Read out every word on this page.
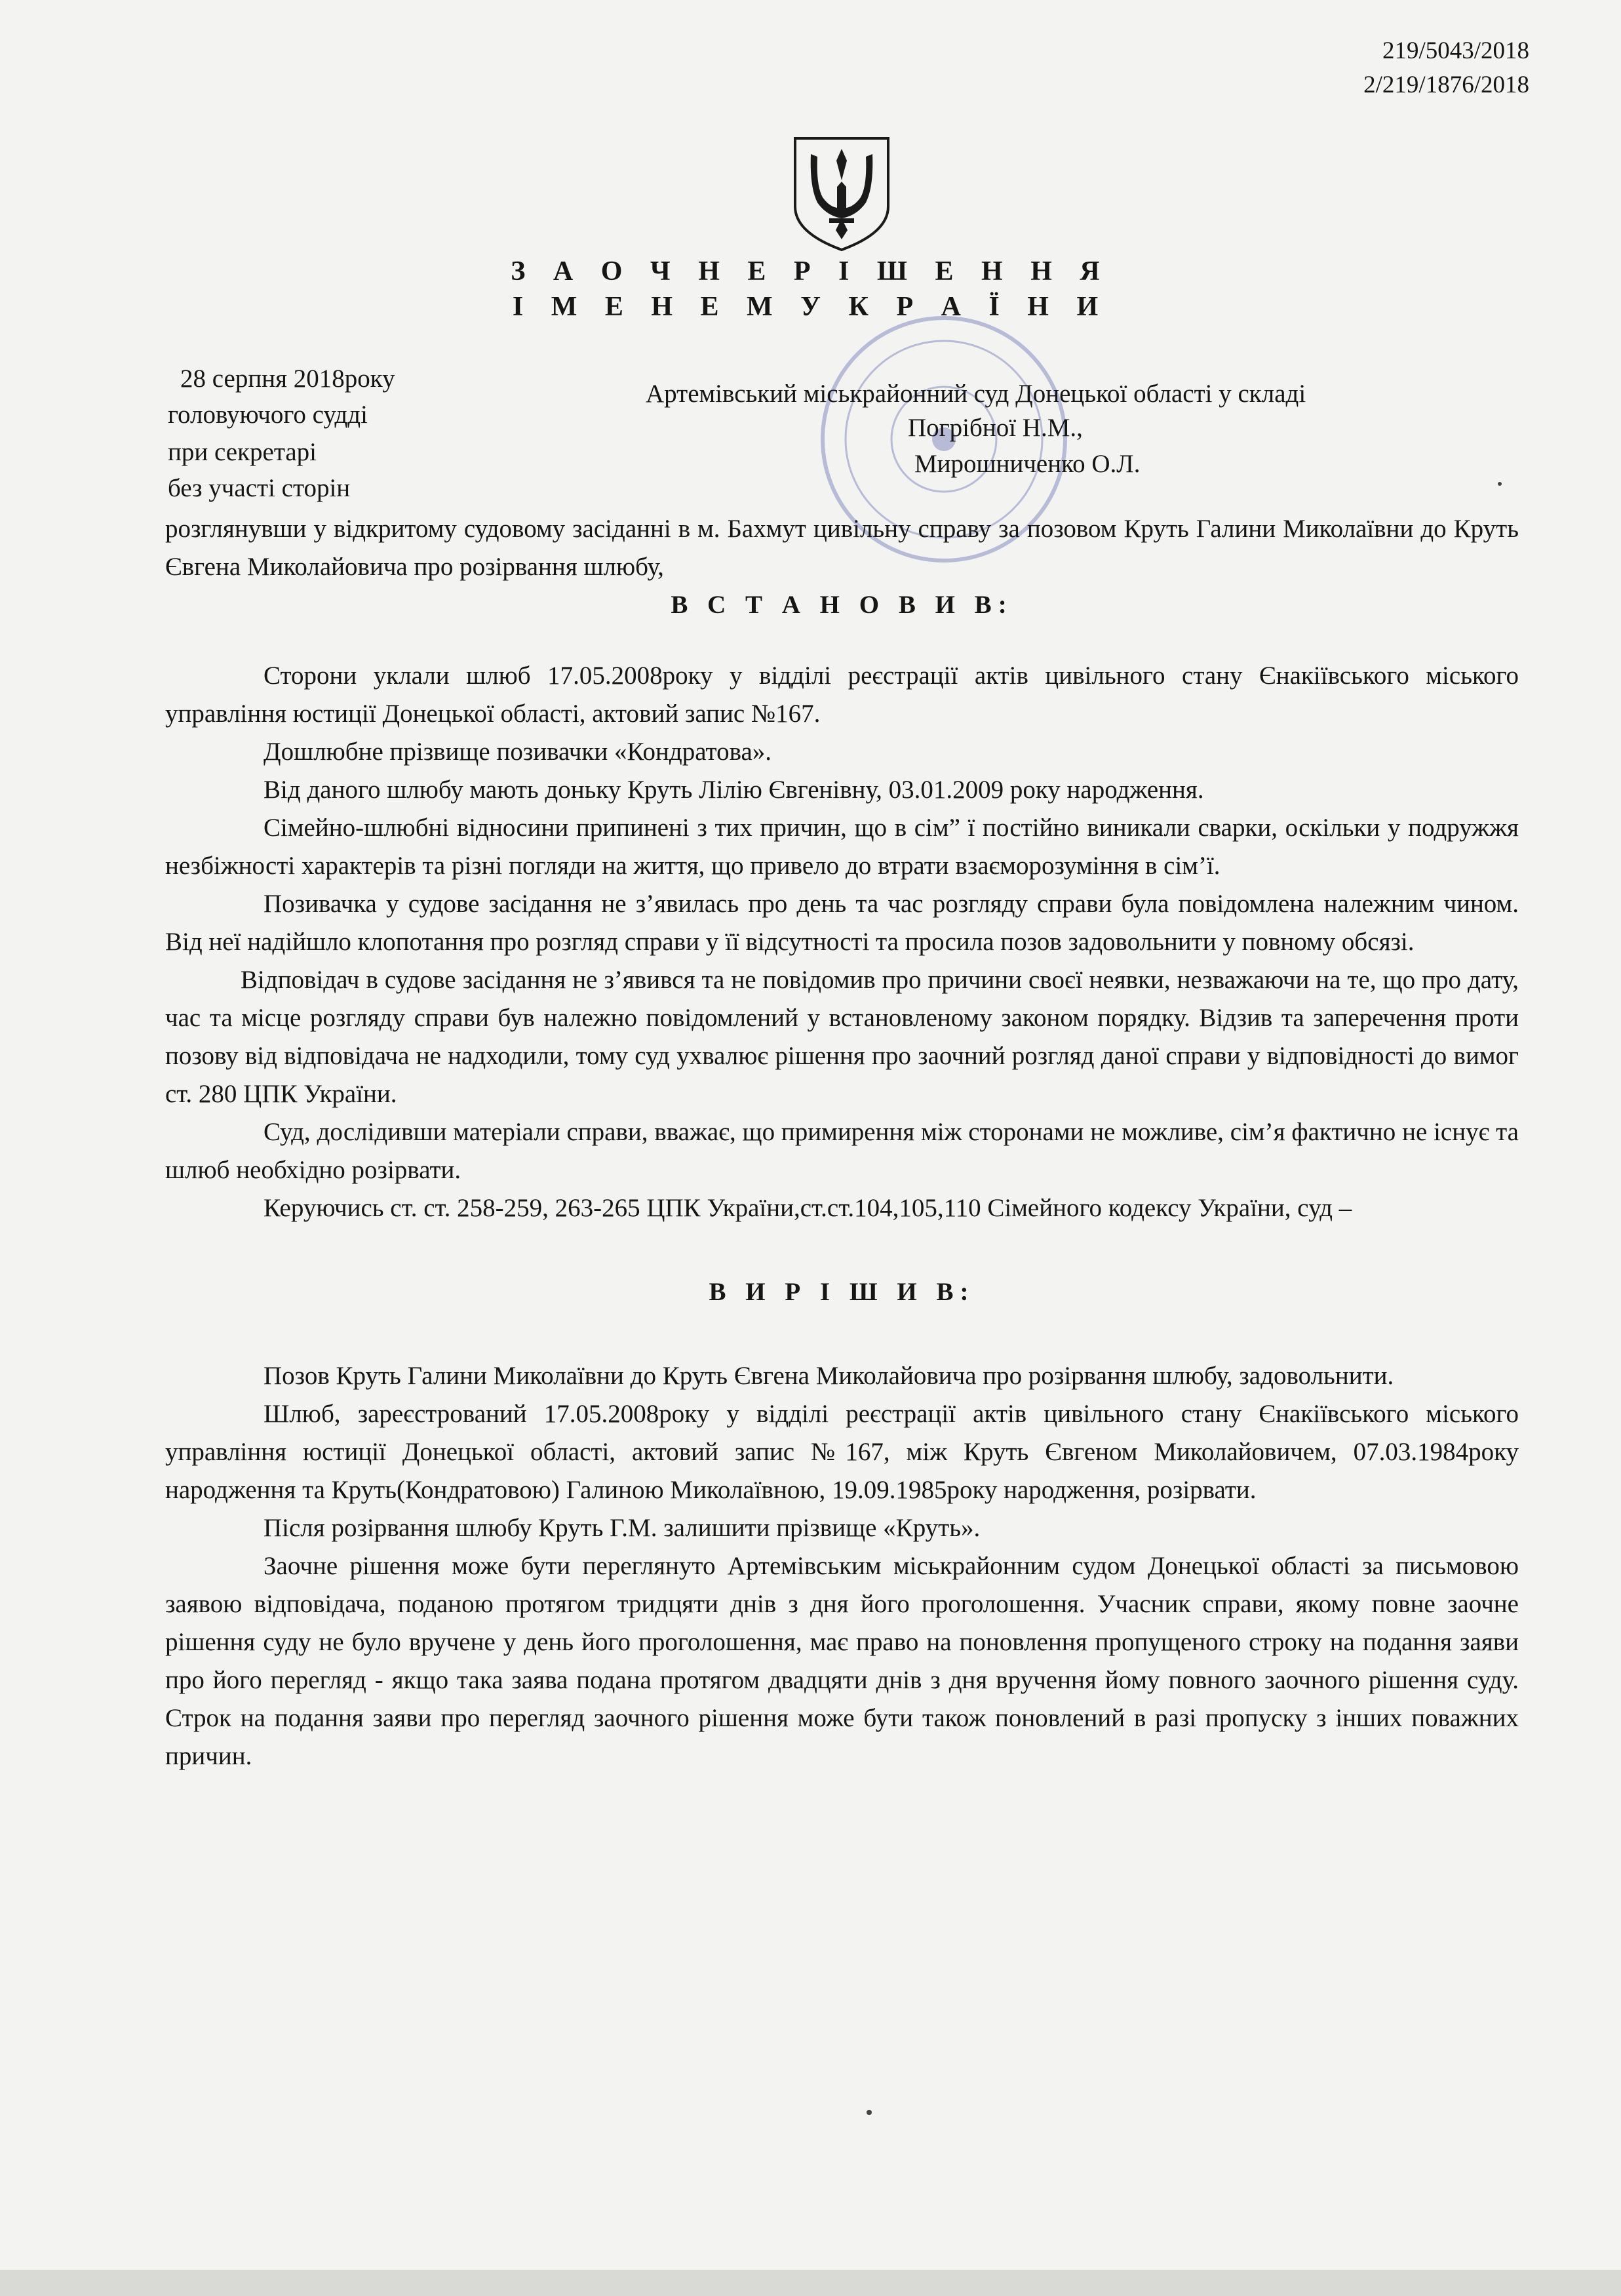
219/5043/2018
2/219/1876/2018
З А О Ч Н Е Р І Ш Е Н Н Я
І М Е Н Е М У К Р А Ї Н И
28 серпня 2018року
Артемівський міськрайонний суд Донецької області у складі
головуючого судді	Погрібної Н.М.,
при секретарі	Мирошниченко О.Л.
без участі сторін

розглянувши у відкритому судовому засіданні в м. Бахмут цивільну справу за позовом Круть Галини Миколаївни до Круть Євгена Миколайовича про розірвання шлюбу,

В С Т А Н О В И В:

Сторони уклали шлюб 17.05.2008року у відділі реєстрації актів цивільного стану Єнакіївського міського управління юстиції Донецької області, актовий запис №167.

Дошлюбне прізвище позивачки «Кондратова».

Від даного шлюбу мають доньку Круть Лілію Євгенівну, 03.01.2009 року народження.

Сімейно-шлюбні відносини припинені з тих причин, що в сім” ї постійно виникали сварки, оскільки у подружжя незбіжності характерів та різні погляди на життя, що привело до втрати взаєморозуміння в сім’ї.

Позивачка у судове засідання не з’явилась про день та час розгляду справи була повідомлена належним чином. Від неї надійшло клопотання про розгляд справи у її відсутності та просила позов задовольнити у повному обсязі.

Відповідач в судове засідання не з’явився та не повідомив про причини своєї неявки, незважаючи на те, що про дату, час та місце розгляду справи був належно повідомлений у встановленому законом порядку. Відзив та заперечення проти позову від відповідача не надходили, тому суд ухвалює рішення про заочний розгляд даної справи у відповідності до вимог ст. 280 ЦПК України.

Суд, дослідивши матеріали справи, вважає, що примирення між сторонами не можливе, сім’я фактично не існує та шлюб необхідно розірвати.

Керуючись ст. ст. 258-259, 263-265 ЦПК України,ст.ст.104,105,110 Сімейного кодексу України, суд –

В И Р І Ш И В:

Позов Круть Галини Миколаївни до Круть Євгена Миколайовича про розірвання шлюбу, задовольнити.

Шлюб, зареєстрований 17.05.2008року у відділі реєстрації актів цивільного стану Єнакіївського міського управління юстиції Донецької області, актовий запис №167, між Круть Євгеном Миколайовичем, 07.03.1984року народження та Круть(Кондратовою) Галиною Миколаївною, 19.09.1985року народження, розірвати.

Після розірвання шлюбу Круть Г.М. залишити прізвище «Круть».

Заочне рішення може бути переглянуто Артемівським міськрайонним судом Донецької області за письмовою заявою відповідача, поданою протягом тридцяти днів з дня його проголошення. Учасник справи, якому повне заочне рішення суду не було вручене у день його проголошення, має право на поновлення пропущеного строку на подання заяви про його перегляд - якщо така заява подана протягом двадцяти днів з дня вручення йому повного заочного рішення суду. Строк на подання заяви про перегляд заочного рішення може бути також поновлений в разі пропуску з інших поважних причин.
